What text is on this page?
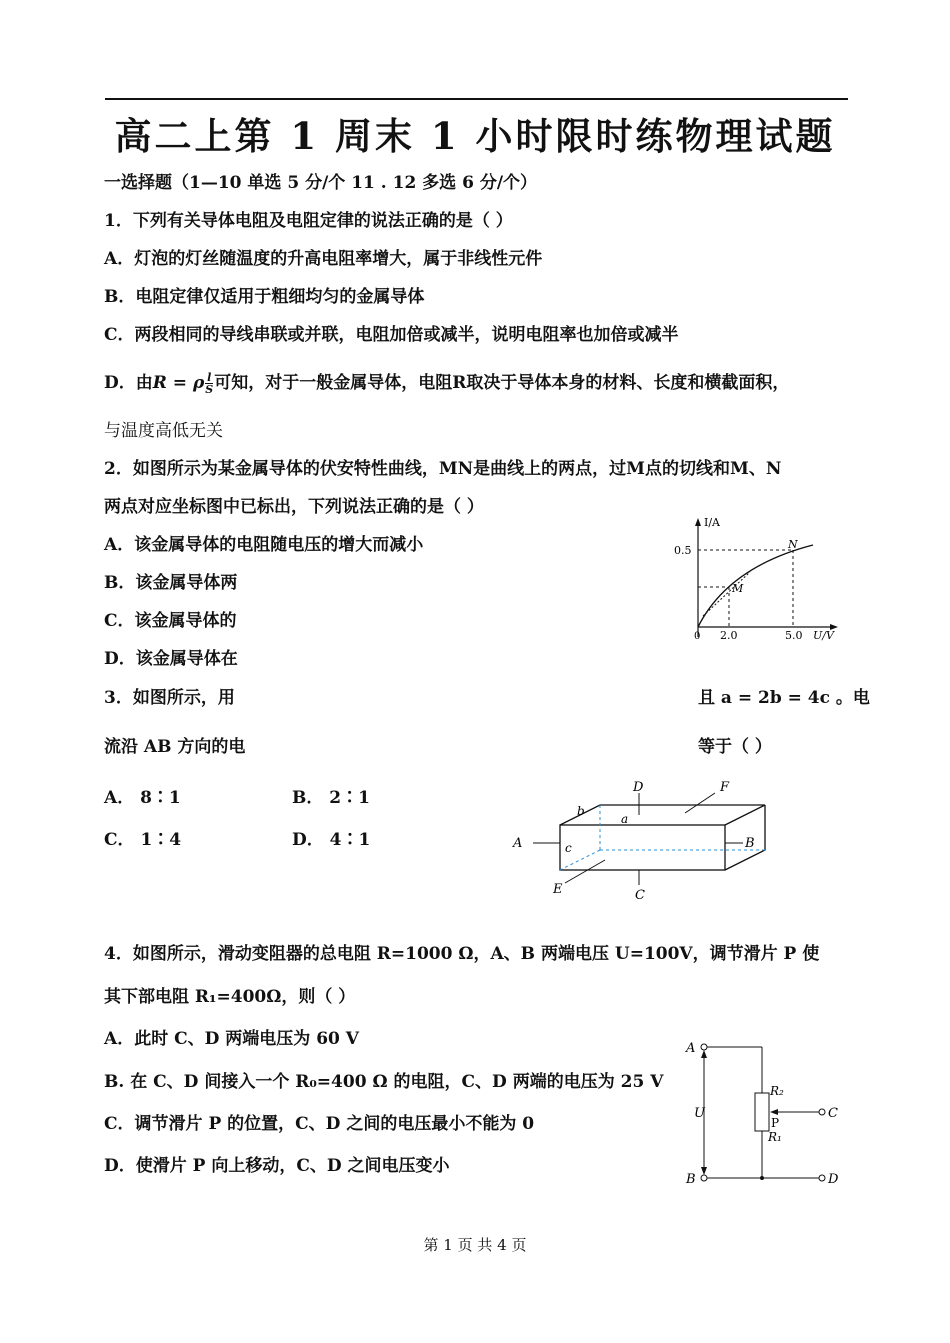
高二上第 1 周末 1 小时限时练物理试题
一选择题（1—10 单选 5 分/个 11 . 12 多选 6 分/个）
1．下列有关导体电阻及电阻定律的说法正确的是（ ）
A．灯泡的灯丝随温度的升高电阻率增大，属于非线性元件
B．电阻定律仅适用于粗细均匀的金属导体
C．两段相同的导线串联或并联，电阻加倍或减半，说明电阻率也加倍或减半
D．由R = ρ $\frac{l}{S}$ 可知，对于一般金属导体，电阻R取决于导体本身的材料、长度和横截面积，
与温度高低无关
2．如图所示为某金属导体的伏安特性曲线，MN是曲线上的两点，过M点的切线和M、N
两点对应坐标图中已标出，下列说法正确的是（ ）
A．该金属导体的电阻随电压的增大而减小
B．该金属导体两
C．该金属导体的
D．该金属导体在
I/A
0.5
0 2.0	5.0 U/V
M
N
3．如图所示，用	且 a = 2b = 4c 。电
流沿 AB 方向的电	等于（ ）
A． 8∶1	B． 2∶1
C． 1∶4	D． 4∶1	A	B
C
D
E
F
b
a
c
4．如图所示，滑动变阻器的总电阻 R=1000 Ω，A、B 两端电压 U=100V，调节滑片 P 使
其下部电阻 R₁=400Ω，则（ ）
A．此时 C、D 两端电压为 60 V
B. 在 C、D 间接入一个 R₀=400 Ω 的电阻，C、D 两端的电压为 25 V
C．调节滑片 P 的位置，C、D 之间的电压最小不能为 0
D．使滑片 P 向上移动，C、D 之间电压变小
A
B
C
D
U
R₂
P
R₁
第 1 页 共 4 页
